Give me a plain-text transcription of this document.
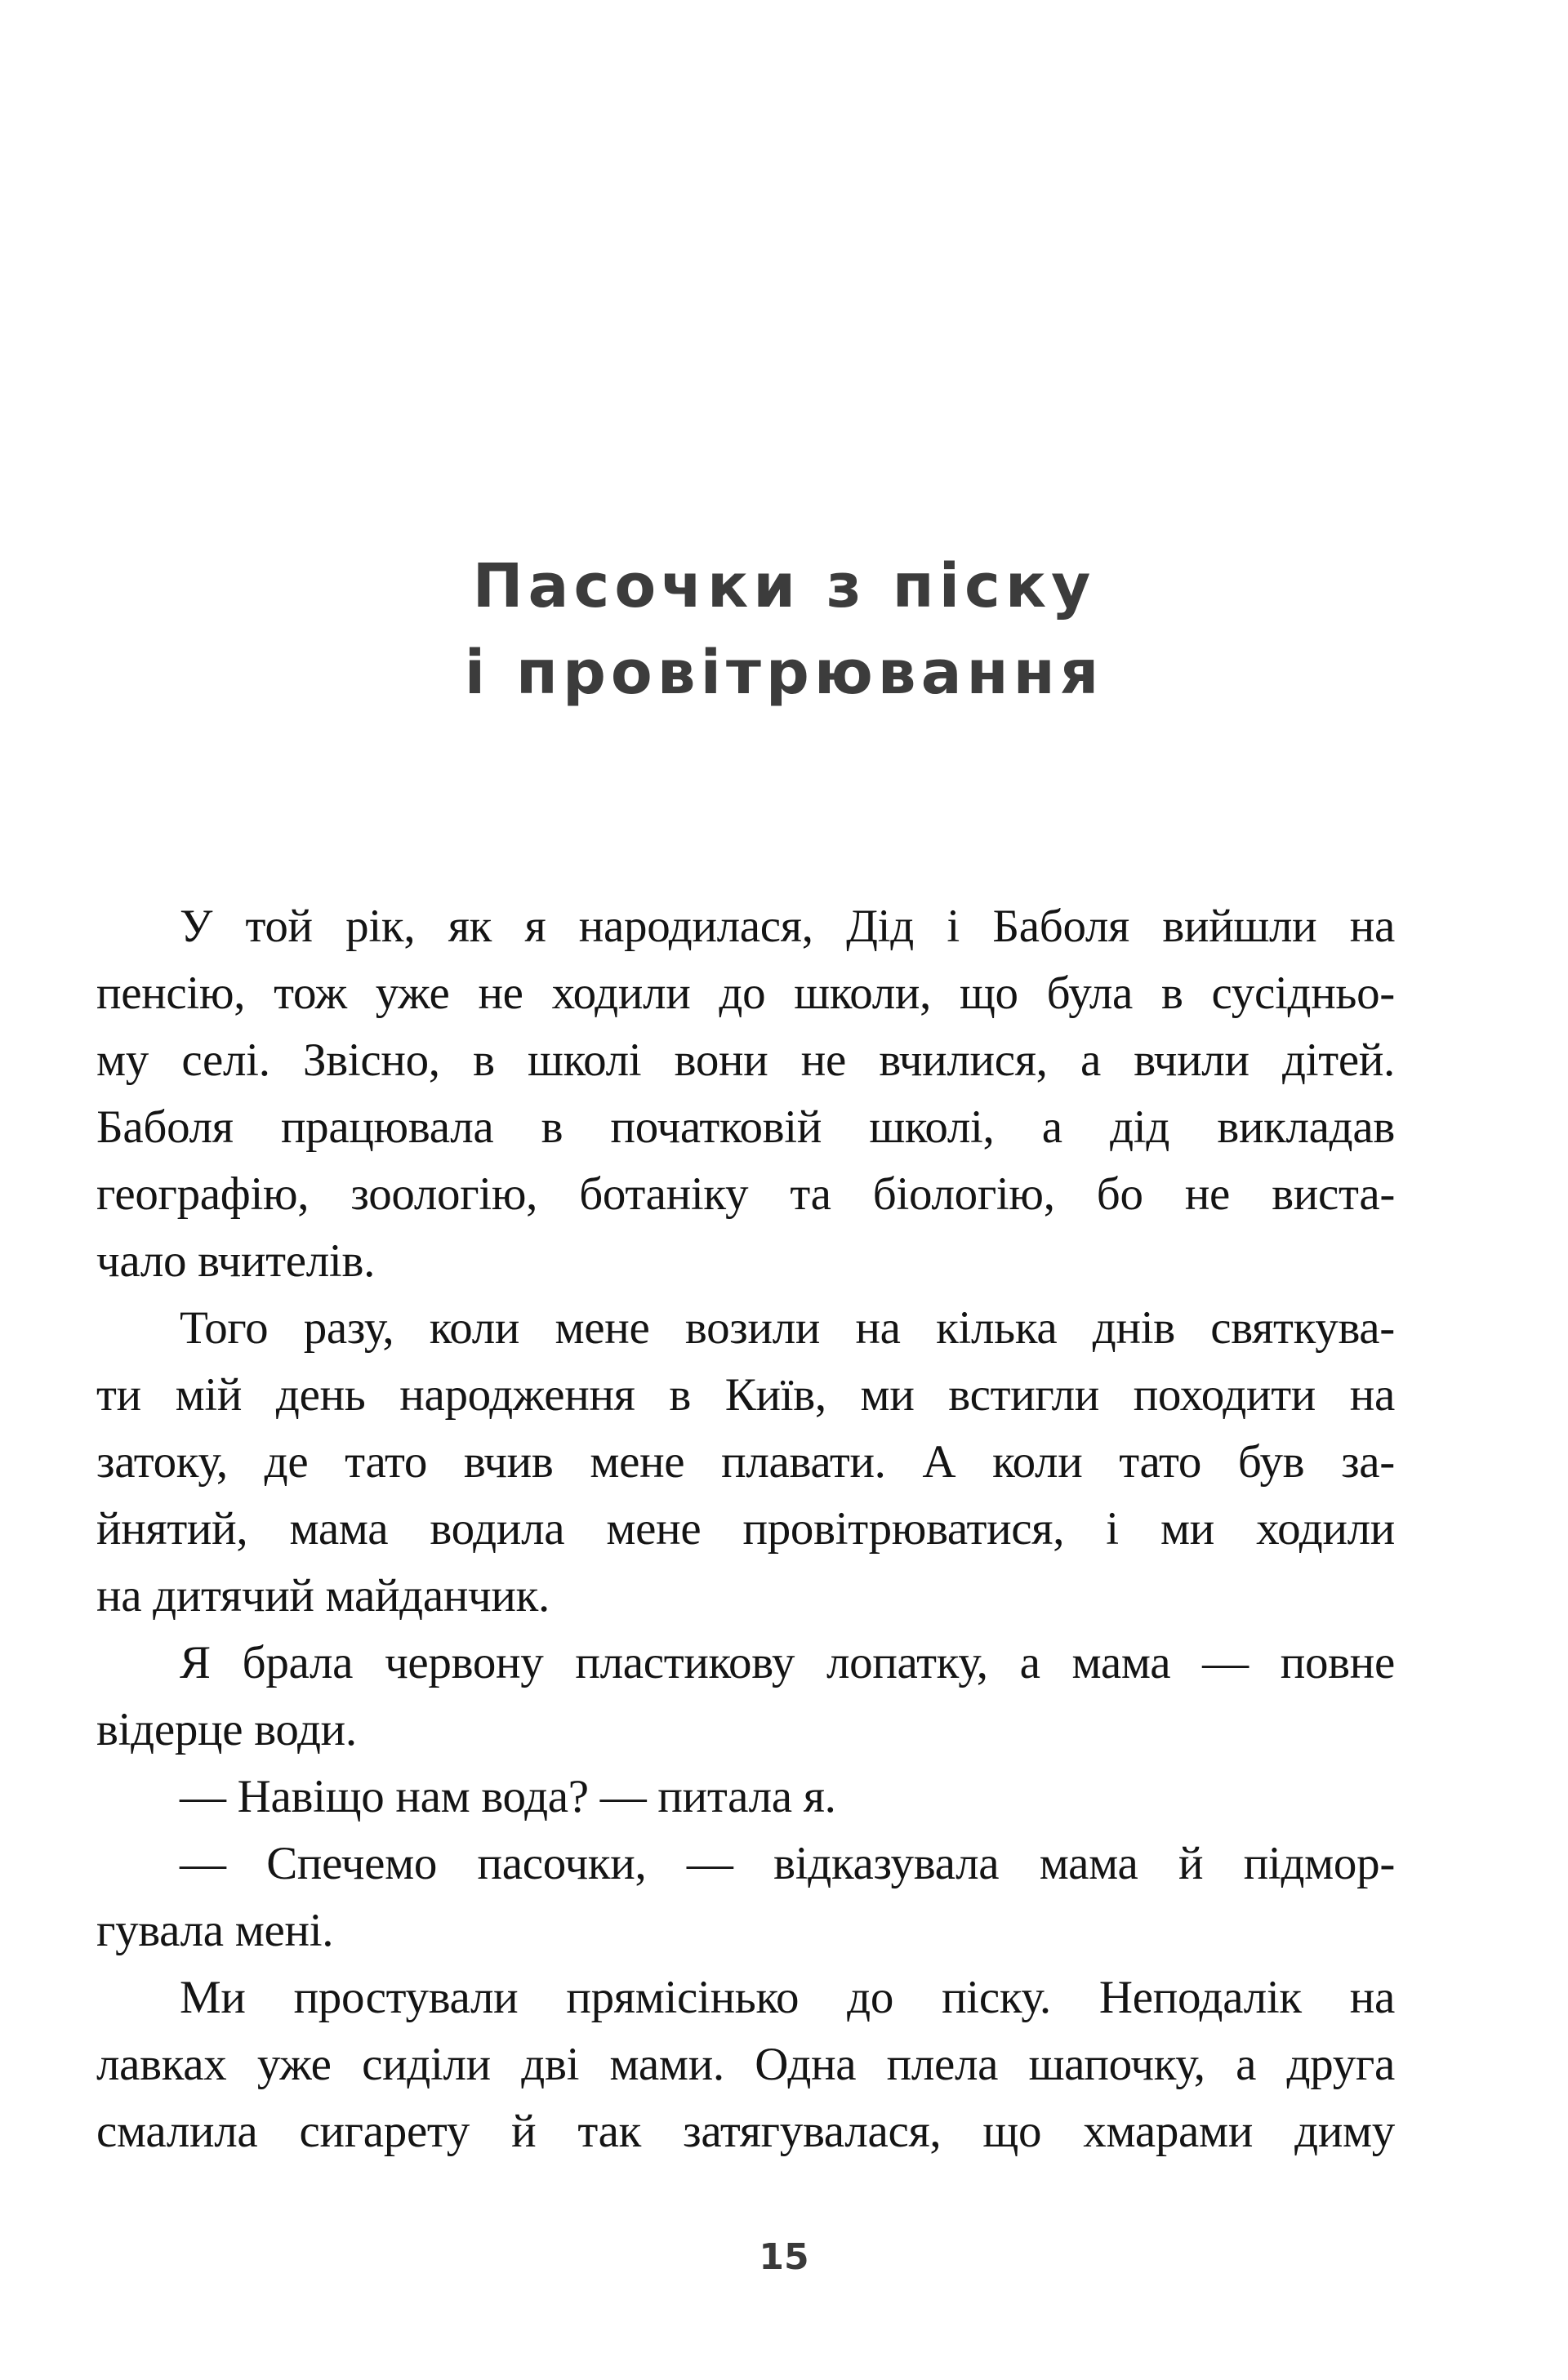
Пасочки з піску
і провітрювання
У той рік, як я народилася, Дід і Баболя вийшли на
пенсію, тож уже не ходили до школи, що була в сусідньо-
му селі. Звісно, в школі вони не вчилися, а вчили дітей.
Баболя працювала в початковій школі, а дід викладав
географію, зоологію, ботаніку та біологію, бо не виста-
чало вчителів.
Того разу, коли мене возили на кілька днів святкува-
ти мій день народження в Київ, ми встигли походити на
затоку, де тато вчив мене плавати. А коли тато був за-
йнятий, мама водила мене провітрюватися, і ми ходили
на дитячий майданчик.
Я брала червону пластикову лопатку, а мама — повне
відерце води.
— Навіщо нам вода? — питала я.
— Спечемо пасочки, — відказувала мама й підмор-
гувала мені.
Ми простували прямісінько до піску. Неподалік на
лавках уже сиділи дві мами. Одна плела шапочку, а друга
смалила сигарету й так затягувалася, що хмарами диму
15
